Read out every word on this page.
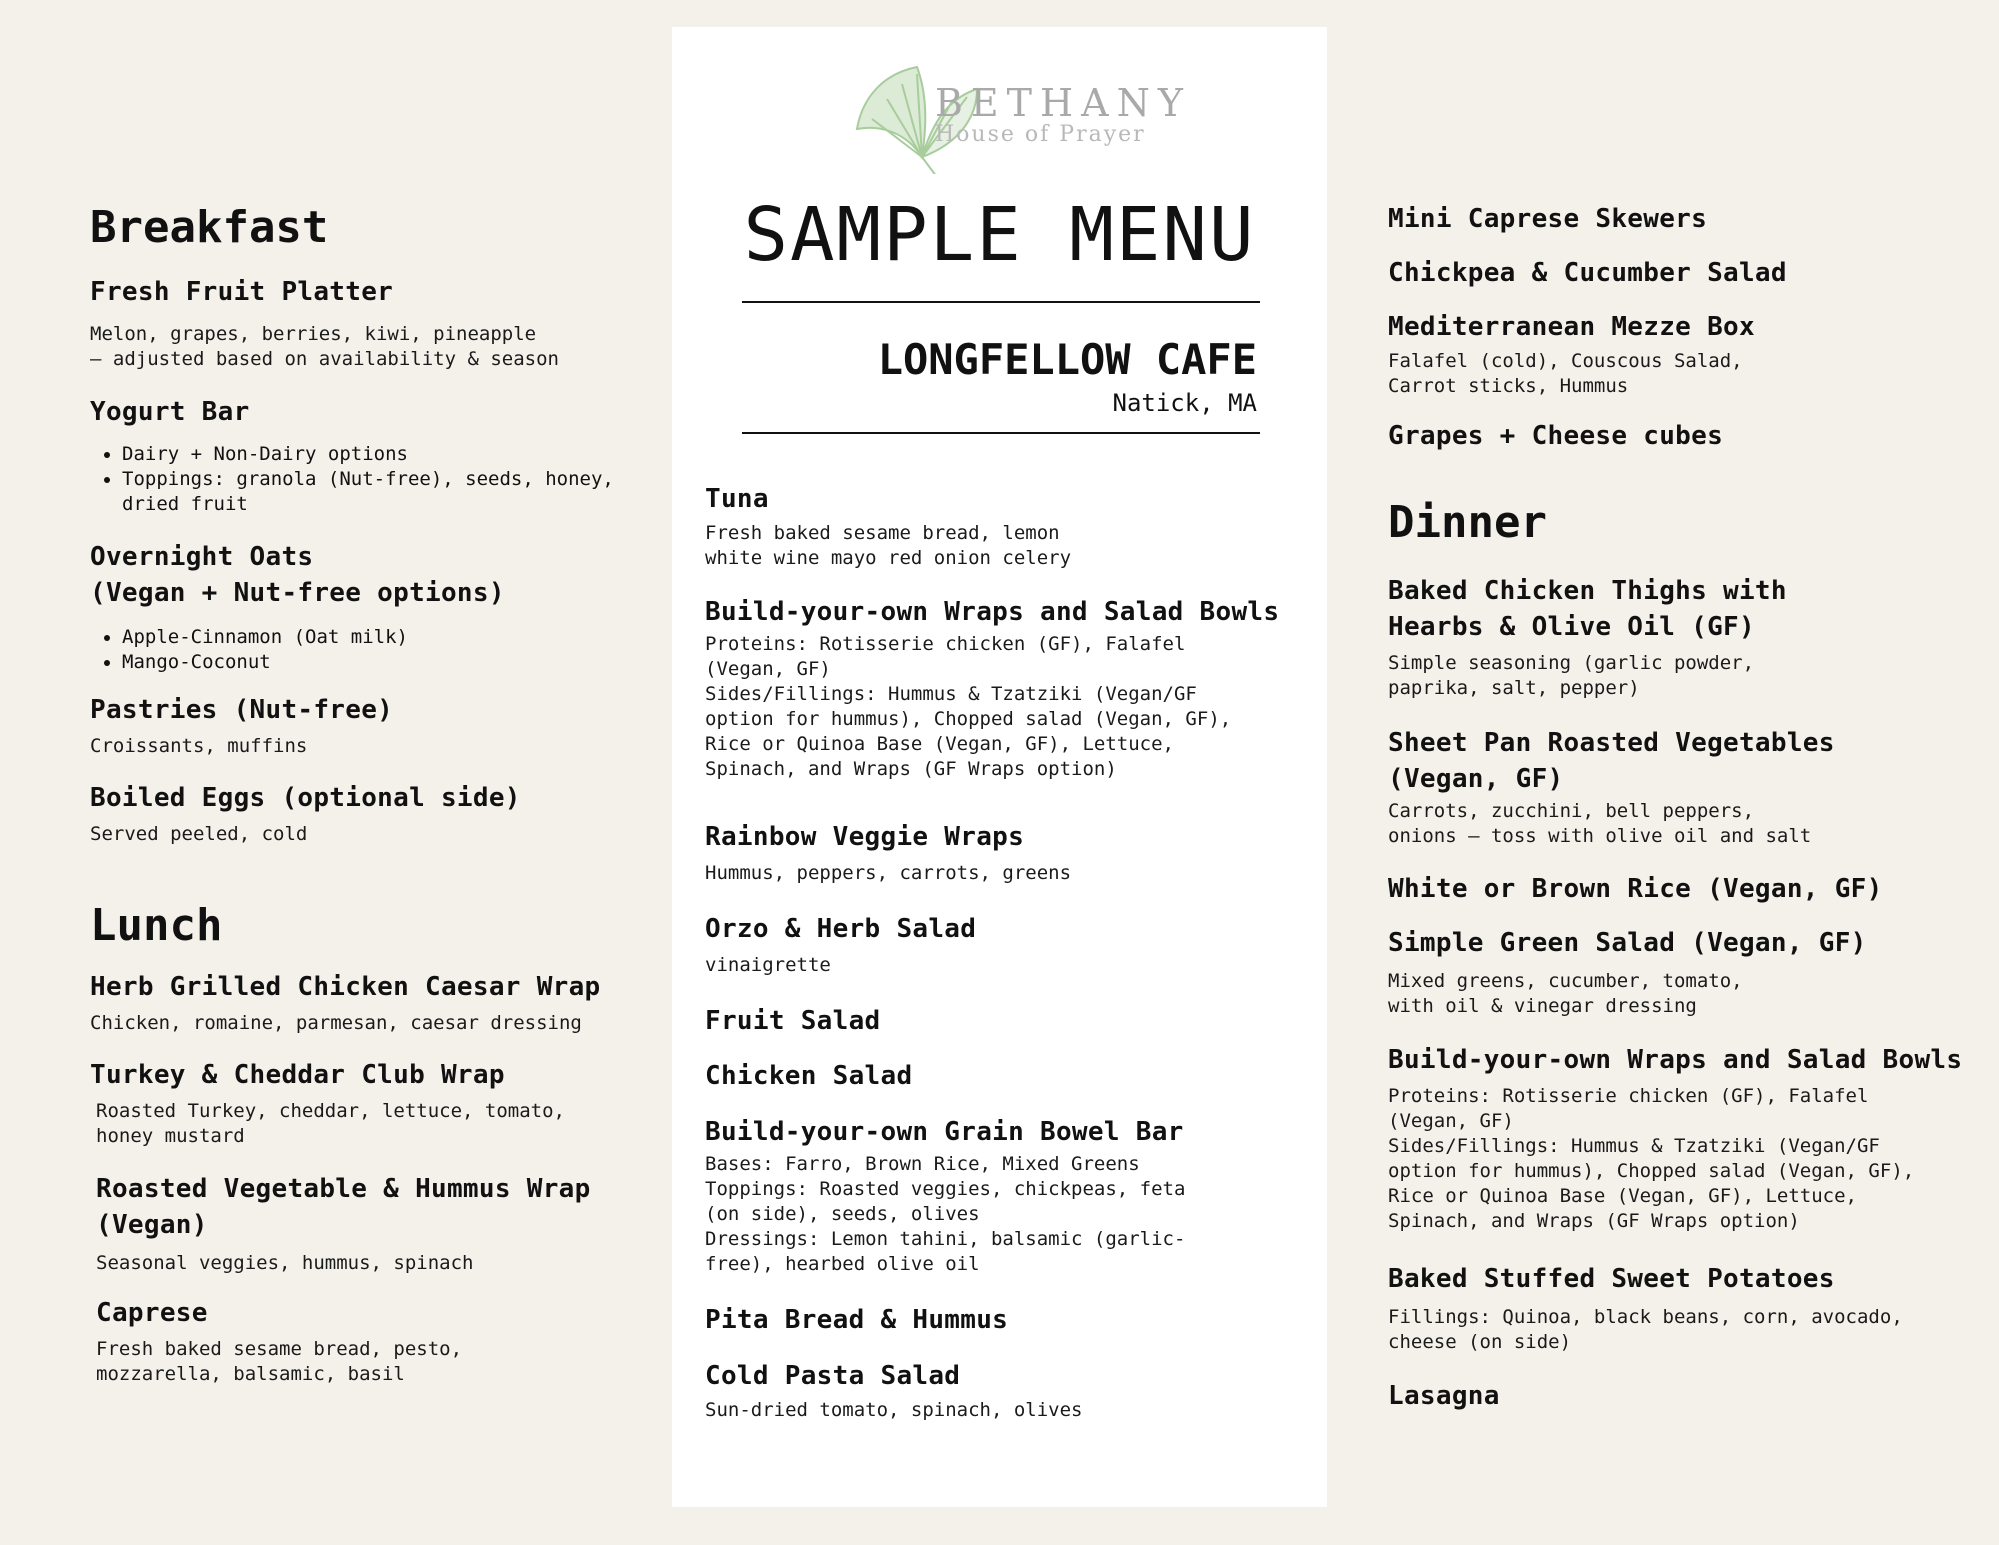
Breakfast

Fresh Fruit Platter

Melon, grapes, berries, kiwi, pineapple
– adjusted based on availability & season

Yogurt Bar

• Dairy + Non-Dairy options
• Toppings: granola (Nut-free), seeds, honey, dried fruit

Overnight Oats
(Vegan + Nut-free options)

• Apple-Cinnamon (Oat milk)
• Mango-Coconut

Pastries (Nut-free)

Croissants, muffins

Boiled Eggs (optional side)

Served peeled, cold

Lunch

Herb Grilled Chicken Caesar Wrap

Chicken, romaine, parmesan, caesar dressing

Turkey & Cheddar Club Wrap

Roasted Turkey, cheddar, lettuce, tomato,
honey mustard

Roasted Vegetable & Hummus Wrap
(Vegan)

Seasonal veggies, hummus, spinach

Caprese

Fresh baked sesame bread, pesto,
mozzarella, balsamic, basil

BETHANY
House of Prayer
SAMPLE MENU
LONGFELLOW CAFE
Natick, MA

Tuna

Fresh baked sesame bread, lemon
white wine mayo red onion celery

Build-your-own Wraps and Salad Bowls

Proteins: Rotisserie chicken (GF), Falafel
(Vegan, GF)
Sides/Fillings: Hummus & Tzatziki (Vegan/GF
option for hummus), Chopped salad (Vegan, GF),
Rice or Quinoa Base (Vegan, GF), Lettuce,
Spinach, and Wraps (GF Wraps option)

Rainbow Veggie Wraps

Hummus, peppers, carrots, greens

Orzo & Herb Salad

vinaigrette

Fruit Salad

Chicken Salad

Build-your-own Grain Bowel Bar

Bases: Farro, Brown Rice, Mixed Greens
Toppings: Roasted veggies, chickpeas, feta
(on side), seeds, olives
Dressings: Lemon tahini, balsamic (garlic-
free), hearbed olive oil

Pita Bread & Hummus

Cold Pasta Salad

Sun-dried tomato, spinach, olives

Mini Caprese Skewers

Chickpea & Cucumber Salad

Mediterranean Mezze Box

Falafel (cold), Couscous Salad,
Carrot sticks, Hummus

Grapes + Cheese cubes

Dinner

Baked Chicken Thighs with
Hearbs & Olive Oil (GF)

Simple seasoning (garlic powder,
paprika, salt, pepper)

Sheet Pan Roasted Vegetables
(Vegan, GF)

Carrots, zucchini, bell peppers,
onions – toss with olive oil and salt

White or Brown Rice (Vegan, GF)

Simple Green Salad (Vegan, GF)

Mixed greens, cucumber, tomato,
with oil & vinegar dressing

Build-your-own Wraps and Salad Bowls

Proteins: Rotisserie chicken (GF), Falafel
(Vegan, GF)
Sides/Fillings: Hummus & Tzatziki (Vegan/GF
option for hummus), Chopped salad (Vegan, GF),
Rice or Quinoa Base (Vegan, GF), Lettuce,
Spinach, and Wraps (GF Wraps option)

Baked Stuffed Sweet Potatoes

Fillings: Quinoa, black beans, corn, avocado,
cheese (on side)

Lasagna
